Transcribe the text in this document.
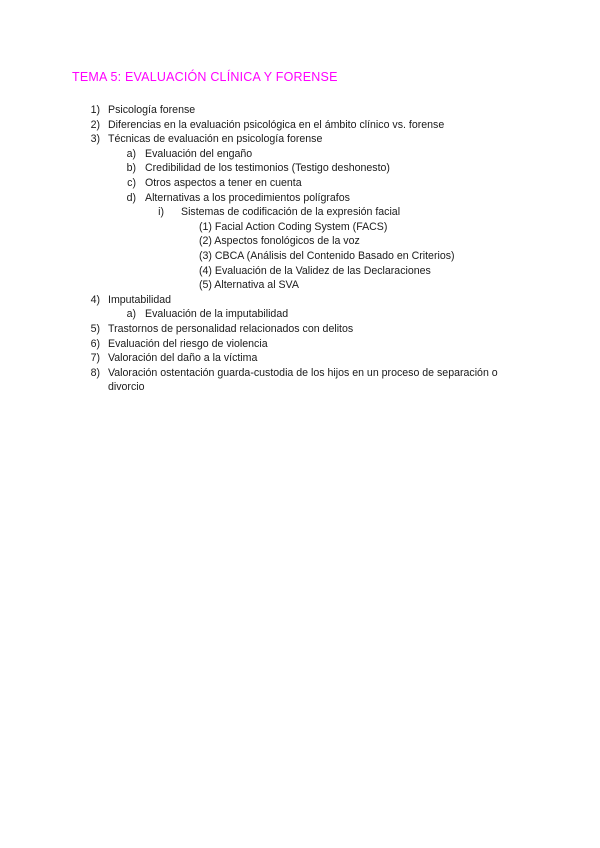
TEMA 5: EVALUACIÓN CLÍNICA Y FORENSE
1) Psicología forense
2) Diferencias en la evaluación psicológica en el ámbito clínico vs. forense
3) Técnicas de evaluación en psicología forense
a) Evaluación del engaño
b) Credibilidad de los testimonios (Testigo deshonesto)
c) Otros aspectos a tener en cuenta
d) Alternativas a los procedimientos polígrafos
i) Sistemas de codificación de la expresión facial
(1) Facial Action Coding System (FACS)
(2) Aspectos fonológicos de la voz
(3) CBCA (Análisis del Contenido Basado en Criterios)
(4) Evaluación de la Validez de las Declaraciones
(5) Alternativa al SVA
4) Imputabilidad
a) Evaluación de la imputabilidad
5) Trastornos de personalidad relacionados con delitos
6) Evaluación del riesgo de violencia
7) Valoración del daño a la víctima
8) Valoración ostentación guarda-custodia de los hijos en un proceso de separación o divorcio
